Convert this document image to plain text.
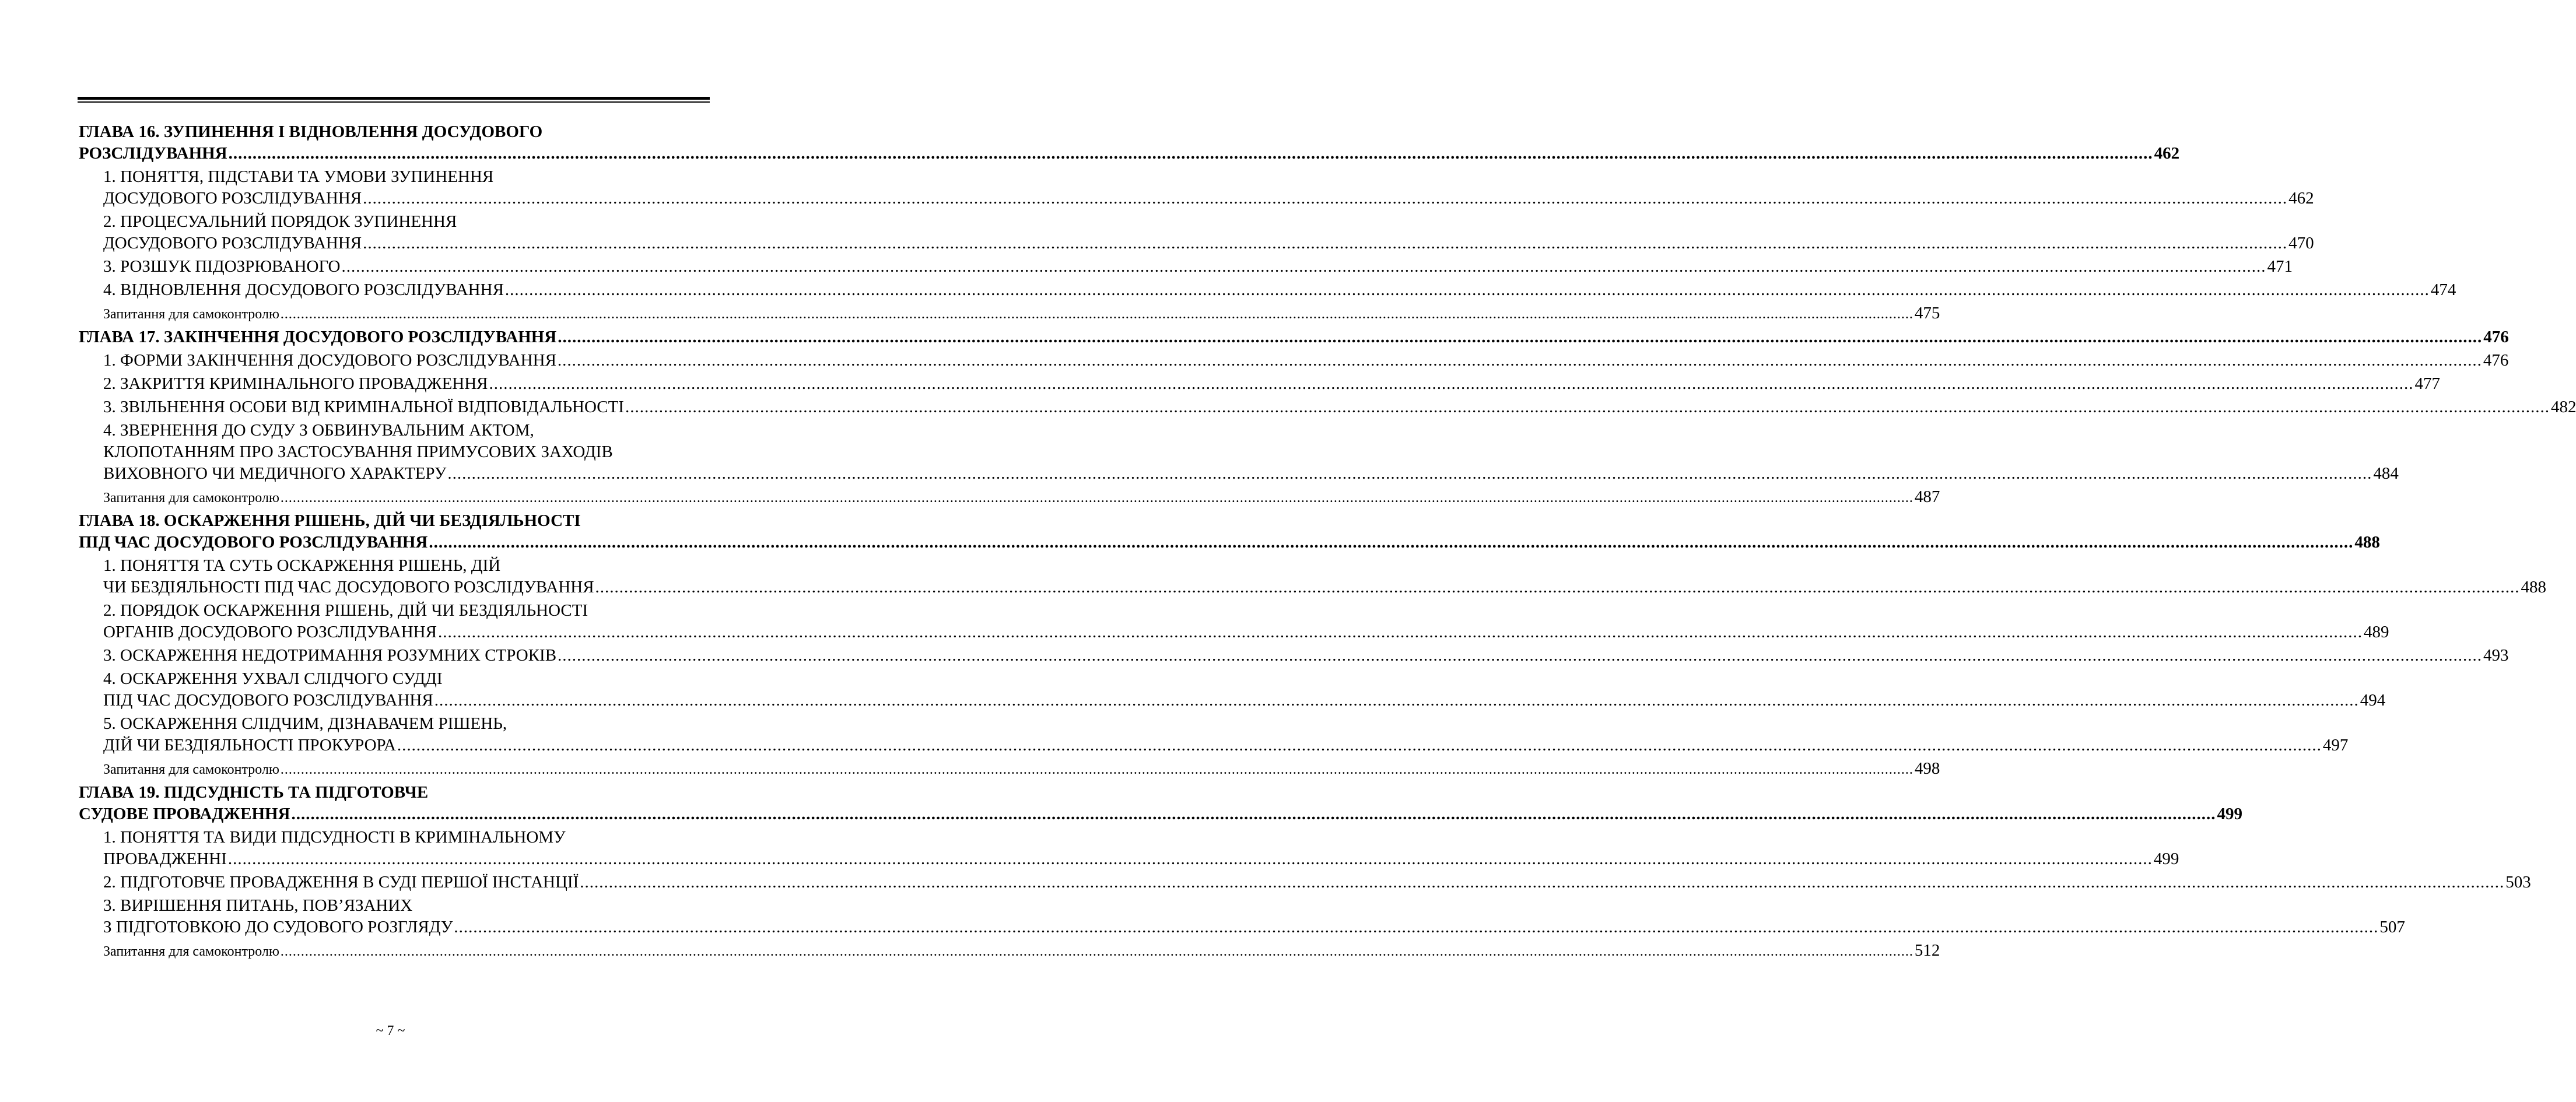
ГЛАВА 16. ЗУПИНЕННЯ І ВІДНОВЛЕННЯ ДОСУДОВОГО
РОЗСЛІДУВАННЯ ................................................................................................................................................................................................................................................................................................................................................................................................................ 462
1. ПОНЯТТЯ, ПІДСТАВИ ТА УМОВИ ЗУПИНЕННЯ
ДОСУДОВОГО РОЗСЛІДУВАННЯ ................................................................................................................................................................................................................................................................................................................................................................................................................ 462
2. ПРОЦЕСУАЛЬНИЙ ПОРЯДОК ЗУПИНЕННЯ
ДОСУДОВОГО РОЗСЛІДУВАННЯ ................................................................................................................................................................................................................................................................................................................................................................................................................ 470
3. РОЗШУК ПІДОЗРЮВАНОГО ................................................................................................................................................................................................................................................................................................................................................................................................................ 471
4. ВІДНОВЛЕННЯ ДОСУДОВОГО РОЗСЛІДУВАННЯ ................................................................................................................................................................................................................................................................................................................................................................................................................ 474
Запитання для самоконтролю ................................................................................................................................................................................................................................................................................................................................................................................................................ 475
ГЛАВА 17. ЗАКІНЧЕННЯ ДОСУДОВОГО РОЗСЛІДУВАННЯ ................................................................................................................................................................................................................................................................................................................................................................................................................ 476
1. ФОРМИ ЗАКІНЧЕННЯ ДОСУДОВОГО РОЗСЛІДУВАННЯ ................................................................................................................................................................................................................................................................................................................................................................................................................ 476
2. ЗАКРИТТЯ КРИМІНАЛЬНОГО ПРОВАДЖЕННЯ ................................................................................................................................................................................................................................................................................................................................................................................................................ 477
3. ЗВІЛЬНЕННЯ ОСОБИ ВІД КРИМІНАЛЬНОЇ ВІДПОВІДАЛЬНОСТІ ................................................................................................................................................................................................................................................................................................................................................................................................................ 482
4. ЗВЕРНЕННЯ ДО СУДУ З ОБВИНУВАЛЬНИМ АКТОМ,
КЛОПОТАННЯМ ПРО ЗАСТОСУВАННЯ ПРИМУСОВИХ ЗАХОДІВ
ВИХОВНОГО ЧИ МЕДИЧНОГО ХАРАКТЕРУ ................................................................................................................................................................................................................................................................................................................................................................................................................ 484
Запитання для самоконтролю ................................................................................................................................................................................................................................................................................................................................................................................................................ 487
ГЛАВА 18. ОСКАРЖЕННЯ РІШЕНЬ, ДІЙ ЧИ БЕЗДІЯЛЬНОСТІ
ПІД ЧАС ДОСУДОВОГО РОЗСЛІДУВАННЯ ................................................................................................................................................................................................................................................................................................................................................................................................................ 488
1. ПОНЯТТЯ ТА СУТЬ ОСКАРЖЕННЯ РІШЕНЬ, ДІЙ
ЧИ БЕЗДІЯЛЬНОСТІ ПІД ЧАС ДОСУДОВОГО РОЗСЛІДУВАННЯ ................................................................................................................................................................................................................................................................................................................................................................................................................ 488
2. ПОРЯДОК ОСКАРЖЕННЯ РІШЕНЬ, ДІЙ ЧИ БЕЗДІЯЛЬНОСТІ
ОРГАНІВ ДОСУДОВОГО РОЗСЛІДУВАННЯ ................................................................................................................................................................................................................................................................................................................................................................................................................ 489
3. ОСКАРЖЕННЯ НЕДОТРИМАННЯ РОЗУМНИХ СТРОКІВ ................................................................................................................................................................................................................................................................................................................................................................................................................ 493
4. ОСКАРЖЕННЯ УХВАЛ СЛІДЧОГО СУДДІ
ПІД ЧАС ДОСУДОВОГО РОЗСЛІДУВАННЯ ................................................................................................................................................................................................................................................................................................................................................................................................................ 494
5. ОСКАРЖЕННЯ СЛІДЧИМ, ДІЗНАВАЧЕМ РІШЕНЬ,
ДІЙ ЧИ БЕЗДІЯЛЬНОСТІ ПРОКУРОРА ................................................................................................................................................................................................................................................................................................................................................................................................................ 497
Запитання для самоконтролю ................................................................................................................................................................................................................................................................................................................................................................................................................ 498
ГЛАВА 19. ПІДСУДНІСТЬ ТА ПІДГОТОВЧЕ
СУДОВЕ ПРОВАДЖЕННЯ ................................................................................................................................................................................................................................................................................................................................................................................................................ 499
1. ПОНЯТТЯ ТА ВИДИ ПІДСУДНОСТІ В КРИМІНАЛЬНОМУ
ПРОВАДЖЕННІ ................................................................................................................................................................................................................................................................................................................................................................................................................ 499
2. ПІДГОТОВЧЕ ПРОВАДЖЕННЯ В СУДІ ПЕРШОЇ ІНСТАНЦІЇ ................................................................................................................................................................................................................................................................................................................................................................................................................ 503
3. ВИРІШЕННЯ ПИТАНЬ, ПОВ’ЯЗАНИХ
З ПІДГОТОВКОЮ ДО СУДОВОГО РОЗГЛЯДУ ................................................................................................................................................................................................................................................................................................................................................................................................................ 507
Запитання для самоконтролю ................................................................................................................................................................................................................................................................................................................................................................................................................ 512
~ 7 ~
